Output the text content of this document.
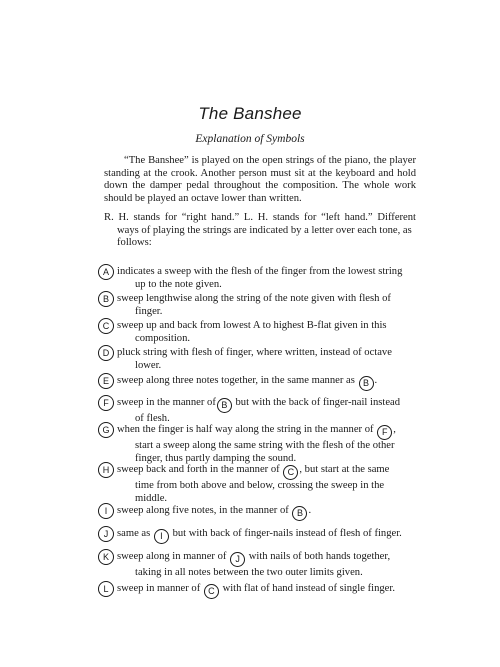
The Banshee
Explanation of Symbols
“The Banshee” is played on the open strings of the piano, the player standing at the crook. Another person must sit at the keyboard and hold down the damper pedal throughout the composition. The whole work should be played an octave lower than written.
R. H. stands for “right hand.” L. H. stands for “left hand.” Different
ways of playing the strings are indicated by a letter over each tone, as follows:
A indicates a sweep with the flesh of the finger from the lowest string
up to the note given.
B sweep lengthwise along the string of the note given with flesh of
finger.
C sweep up and back from lowest A to highest B-flat given in this
composition.
D pluck string with flesh of finger, where written, instead of octave
lower.
E sweep along three notes together, in the same manner as B .
F sweep in the manner of B but with the back of finger-nail instead
of flesh.
G when the finger is half way along the string in the manner of F ,
start a sweep along the same string with the flesh of the other finger, thus partly damping the sound.
H sweep back and forth in the manner of C , but start at the same
time from both above and below, crossing the sweep in the middle.
I sweep along five notes, in the manner of B .
J same as I but with back of finger-nails instead of flesh of finger.
K sweep along in manner of J with nails of both hands together,
taking in all notes between the two outer limits given.
L sweep in manner of C with flat of hand instead of single finger.
